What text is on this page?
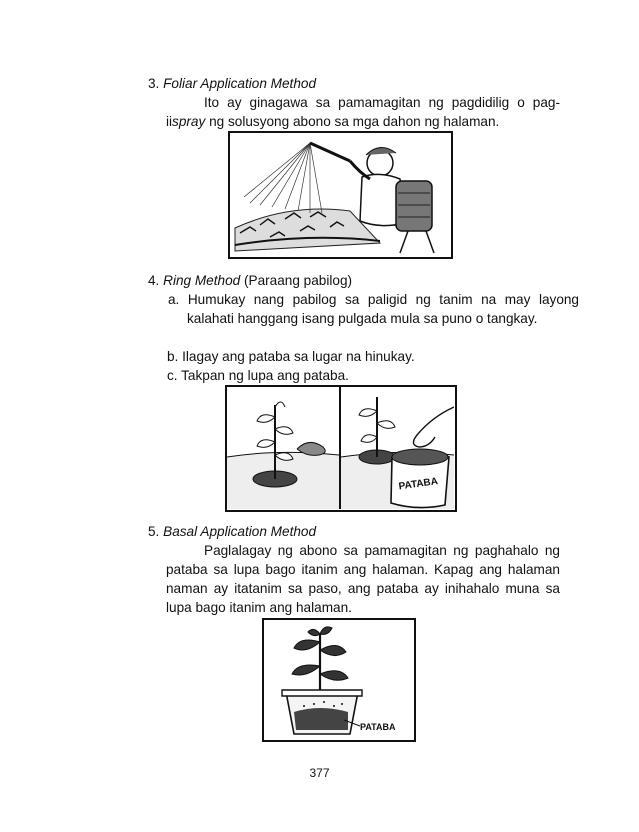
3. Foliar Application Method
Ito ay ginagawa sa pamamagitan ng pagdidilig o pag-iispray ng solusyong abono sa mga dahon ng halaman.
4. Ring Method (Paraang pabilog)
a. Humukay nang pabilog sa paligid ng tanim na may layong kalahati hanggang isang pulgada mula sa puno o tangkay.
b. Ilagay ang pataba sa lugar na hinukay.
c. Takpan ng lupa ang pataba.
PATABA
5. Basal Application Method
Paglalagay ng abono sa pamamagitan ng paghahalo ng pataba sa lupa bago itanim ang halaman. Kapag ang halaman naman ay itatanim sa paso, ang pataba ay inihahalo muna sa lupa bago itanim ang halaman.
PATABA
377
